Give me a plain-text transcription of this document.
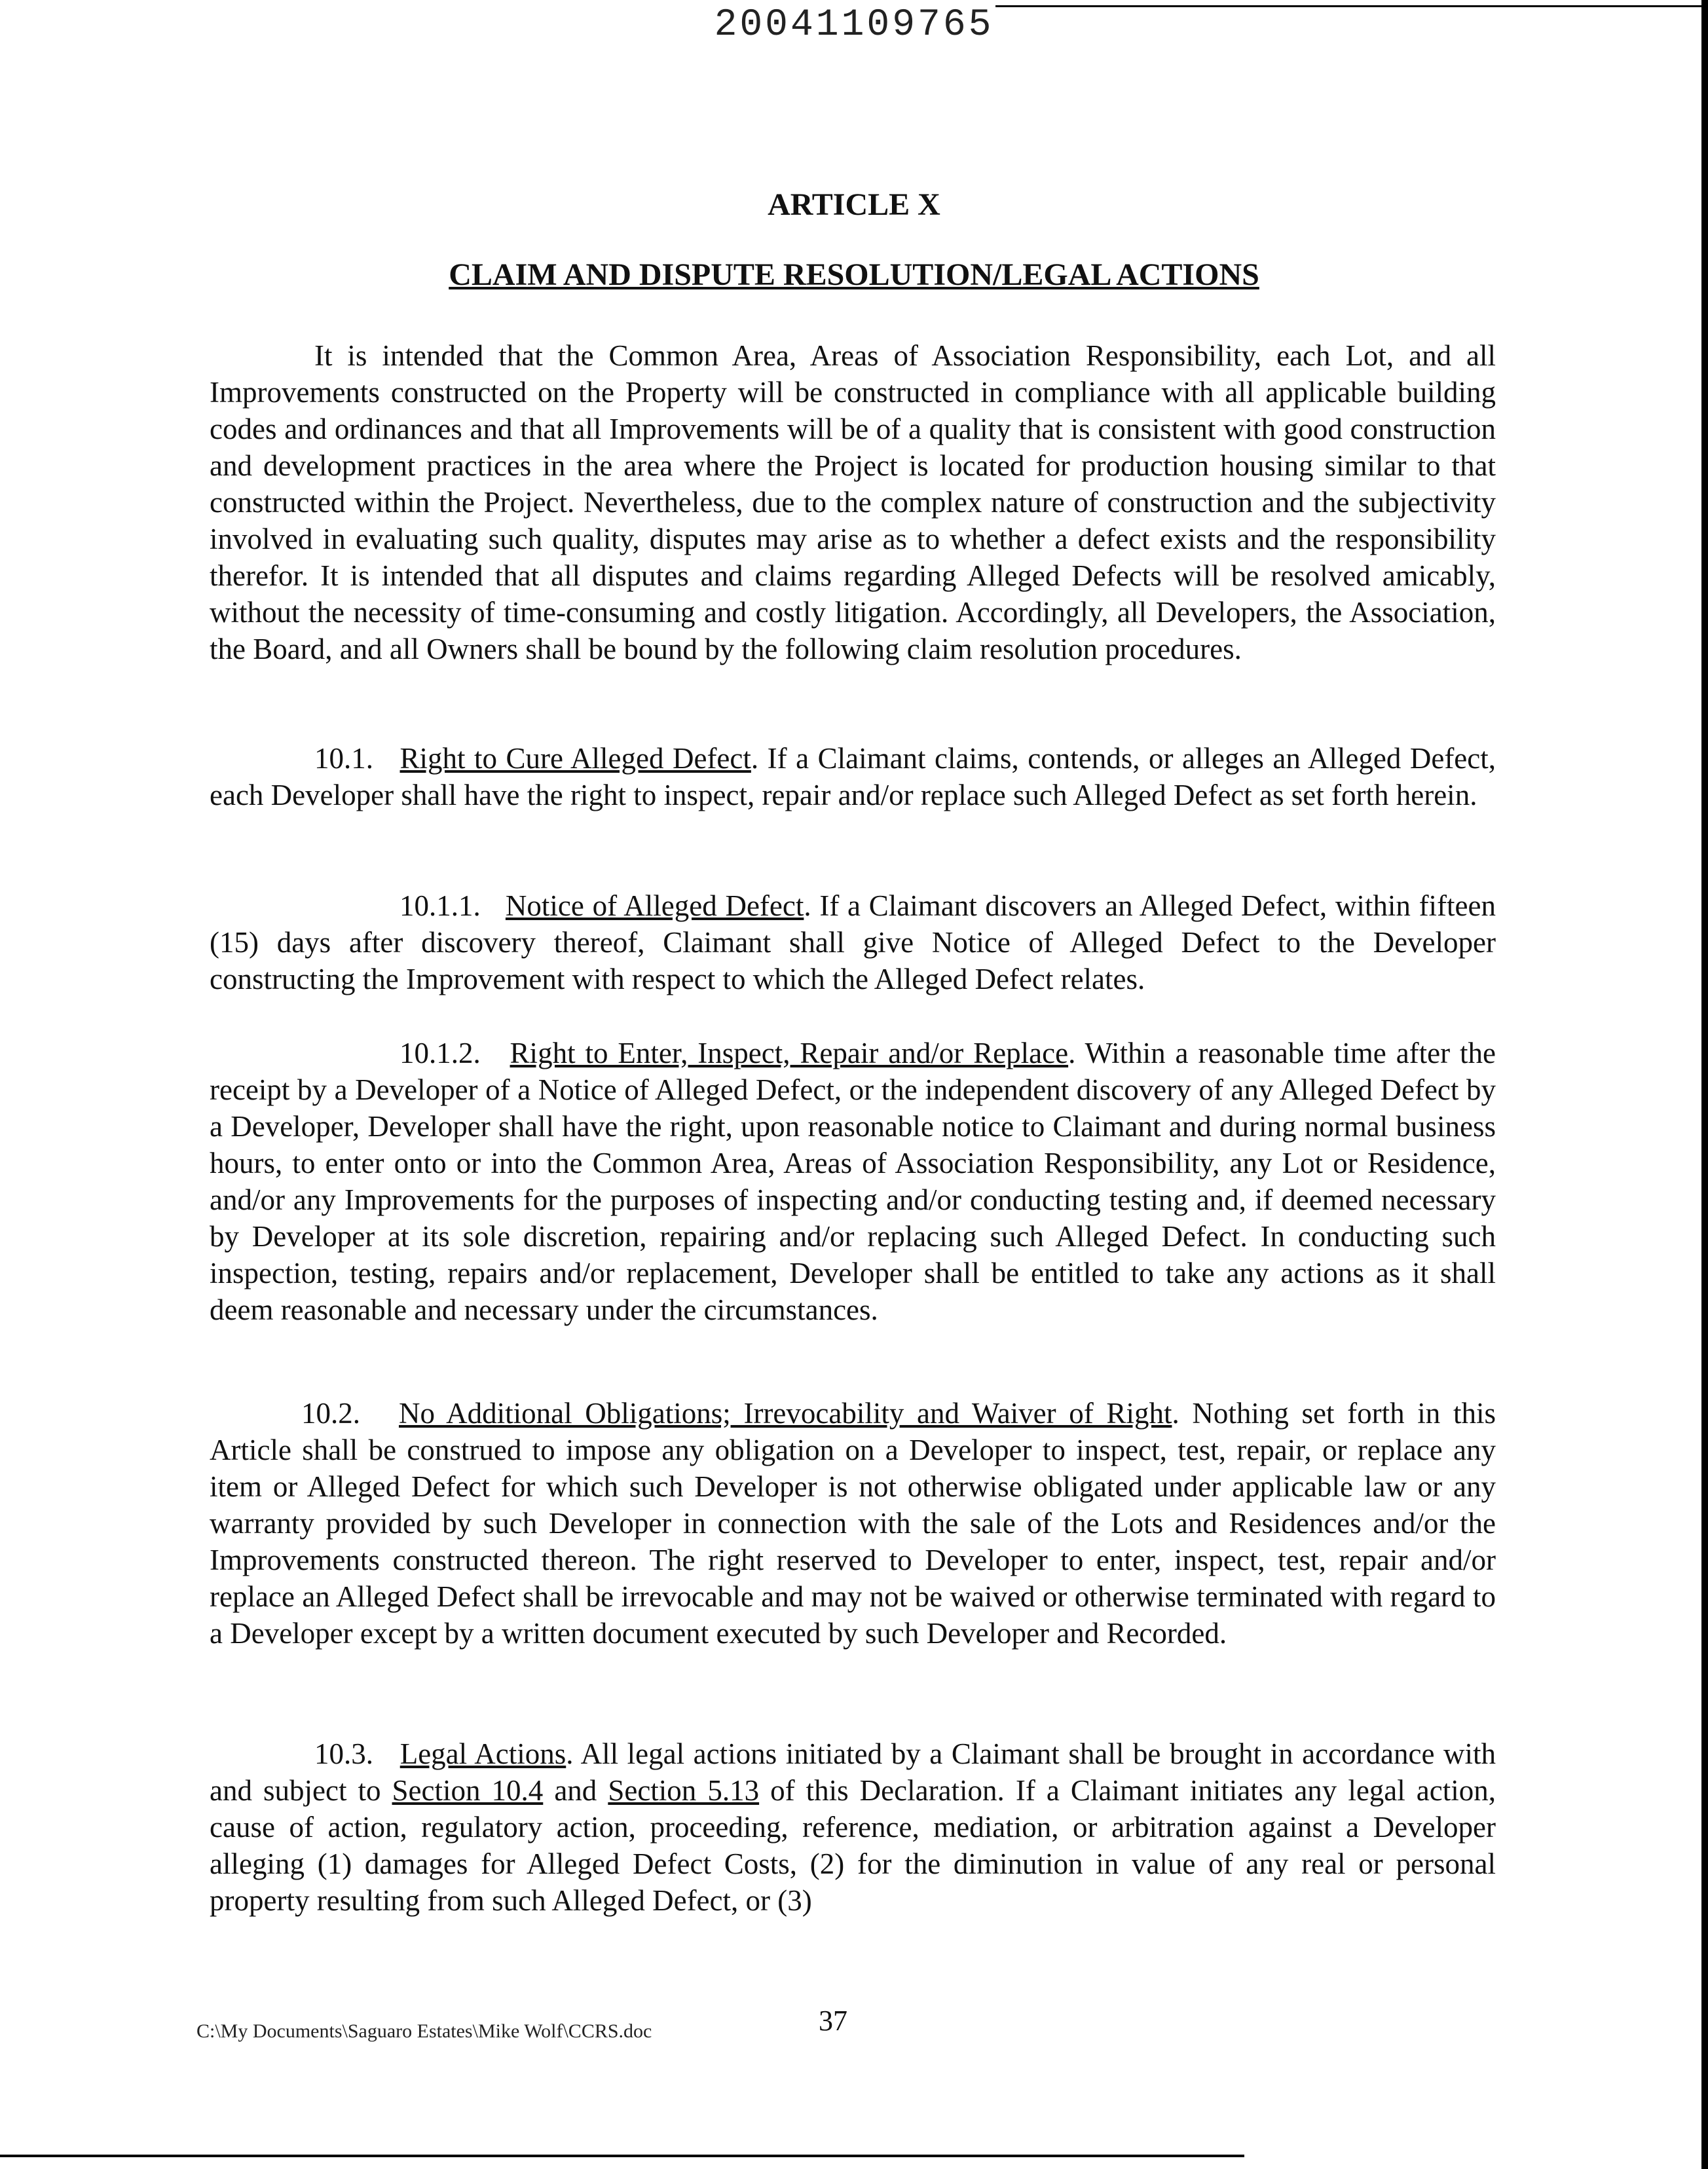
20041109765
ARTICLE X
CLAIM AND DISPUTE RESOLUTION/LEGAL ACTIONS

It is intended that the Common Area, Areas of Association Responsibility, each Lot, and all Improvements constructed on the Property will be constructed in compliance with all applicable building codes and ordinances and that all Improvements will be of a quality that is consistent with good construction and development practices in the area where the Project is located for production housing similar to that constructed within the Project. Nevertheless, due to the complex nature of construction and the subjectivity involved in evaluating such quality, disputes may arise as to whether a defect exists and the responsibility therefor. It is intended that all disputes and claims regarding Alleged Defects will be resolved amicably, without the necessity of time-consuming and costly litigation. Accordingly, all Developers, the Association, the Board, and all Owners shall be bound by the following claim resolution procedures.

10.1. Right to Cure Alleged Defect. If a Claimant claims, contends, or alleges an Alleged Defect, each Developer shall have the right to inspect, repair and/or replace such Alleged Defect as set forth herein.

10.1.1. Notice of Alleged Defect. If a Claimant discovers an Alleged Defect, within fifteen (15) days after discovery thereof, Claimant shall give Notice of Alleged Defect to the Developer constructing the Improvement with respect to which the Alleged Defect relates.

10.1.2. Right to Enter, Inspect, Repair and/or Replace. Within a reasonable time after the receipt by a Developer of a Notice of Alleged Defect, or the independent discovery of any Alleged Defect by a Developer, Developer shall have the right, upon reasonable notice to Claimant and during normal business hours, to enter onto or into the Common Area, Areas of Association Responsibility, any Lot or Residence, and/or any Improvements for the purposes of inspecting and/or conducting testing and, if deemed necessary by Developer at its sole discretion, repairing and/or replacing such Alleged Defect. In conducting such inspection, testing, repairs and/or replacement, Developer shall be entitled to take any actions as it shall deem reasonable and necessary under the circumstances.

10.2. No Additional Obligations; Irrevocability and Waiver of Right. Nothing set forth in this Article shall be construed to impose any obligation on a Developer to inspect, test, repair, or replace any item or Alleged Defect for which such Developer is not otherwise obligated under applicable law or any warranty provided by such Developer in connection with the sale of the Lots and Residences and/or the Improvements constructed thereon. The right reserved to Developer to enter, inspect, test, repair and/or replace an Alleged Defect shall be irrevocable and may not be waived or otherwise terminated with regard to a Developer except by a written document executed by such Developer and Recorded.

10.3. Legal Actions. All legal actions initiated by a Claimant shall be brought in accordance with and subject to Section 10.4 and Section 5.13 of this Declaration. If a Claimant initiates any legal action, cause of action, regulatory action, proceeding, reference, mediation, or arbitration against a Developer alleging (1) damages for Alleged Defect Costs, (2) for the diminution in value of any real or personal property resulting from such Alleged Defect, or (3)

C:\My Documents\Saguaro Estates\Mike Wolf\CCRS.doc	37
